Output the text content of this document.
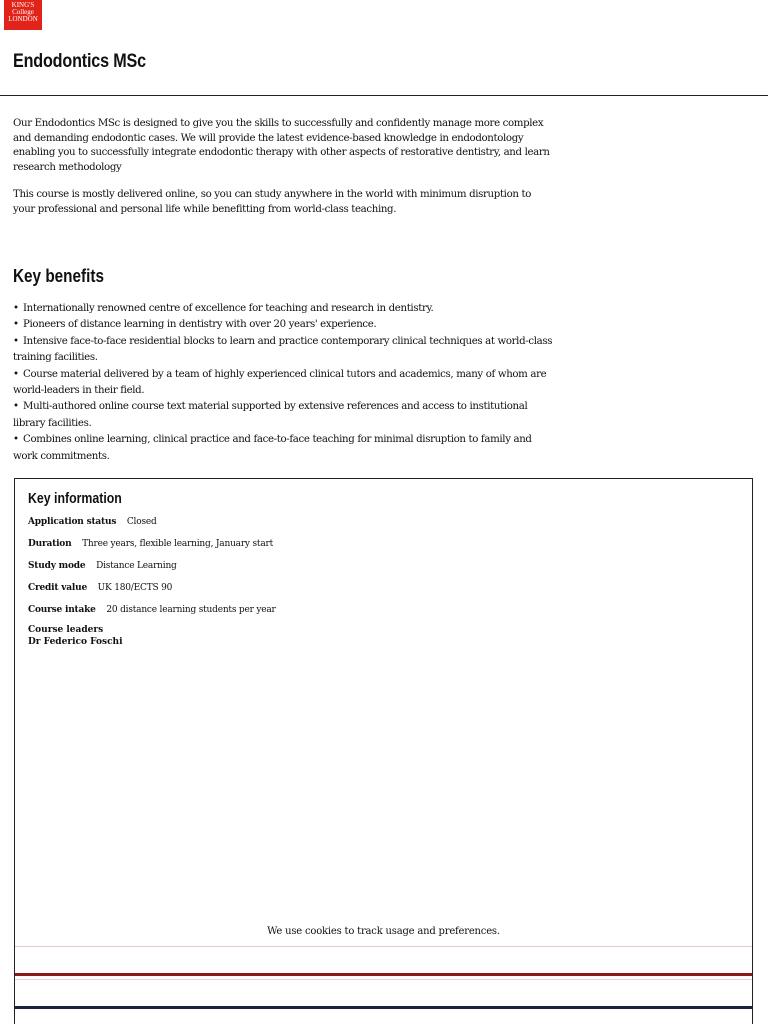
KING'S
College
LONDON
Endodontics MSc

Our Endodontics MSc is designed to give you the skills to successfully and confidently manage more complex and demanding endodontic cases. We will provide the latest evidence-based knowledge in endodontology enabling you to successfully integrate endodontic therapy with other aspects of restorative dentistry, and learn research methodology

This course is mostly delivered online, so you can study anywhere in the world with minimum disruption to your professional and personal life while benefitting from world-class teaching.

Key benefits
• Internationally renowned centre of excellence for teaching and research in dentistry.
• Pioneers of distance learning in dentistry with over 20 years' experience.
• Intensive face-to-face residential blocks to learn and practice contemporary clinical techniques at world-class training facilities.
• Course material delivered by a team of highly experienced clinical tutors and academics, many of whom are world-leaders in their field.
• Multi-authored online course text material supported by extensive references and access to institutional library facilities.
• Combines online learning, clinical practice and face-to-face teaching for minimal disruption to family and work commitments.
Key information
Application status Closed
Duration Three years, flexible learning, January start
Study mode Distance Learning
Credit value UK 180/ECTS 90
Course intake 20 distance learning students per year
Course leaders
Dr Federico Foschi
We use cookies to track usage and preferences.
